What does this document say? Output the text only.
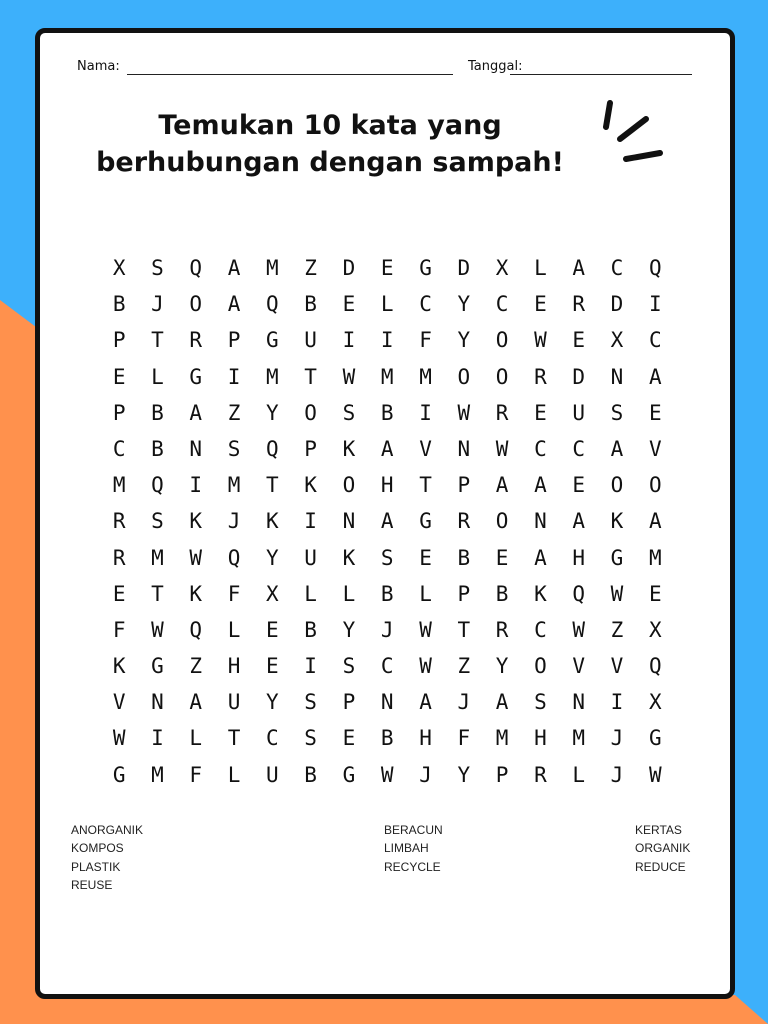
Nama:	Tanggal:
Temukan 10 kata yang
berhubungan dengan sampah!
X	S	Q	A	M	Z	D	E	G	D	X	L	A	C	Q
B	J	O	A	Q	B	E	L	C	Y	C	E	R	D	I
P	T	R	P	G	U	I	I	F	Y	O	W	E	X	C
E	L	G	I	M	T	W	M	M	O	O	R	D	N	A
P	B	A	Z	Y	O	S	B	I	W	R	E	U	S	E
C	B	N	S	Q	P	K	A	V	N	W	C	C	A	V
M	Q	I	M	T	K	O	H	T	P	A	A	E	O	O
R	S	K	J	K	I	N	A	G	R	O	N	A	K	A
R	M	W	Q	Y	U	K	S	E	B	E	A	H	G	M
E	T	K	F	X	L	L	B	L	P	B	K	Q	W	E
F	W	Q	L	E	B	Y	J	W	T	R	C	W	Z	X
K	G	Z	H	E	I	S	C	W	Z	Y	O	V	V	Q
V	N	A	U	Y	S	P	N	A	J	A	S	N	I	X
W	I	L	T	C	S	E	B	H	F	M	H	M	J	G
G	M	F	L	U	B	G	W	J	Y	P	R	L	J	W
ANORGANIK
KOMPOS
PLASTIK
REUSE
BERACUN
LIMBAH
RECYCLE
KERTAS
ORGANIK
REDUCE
